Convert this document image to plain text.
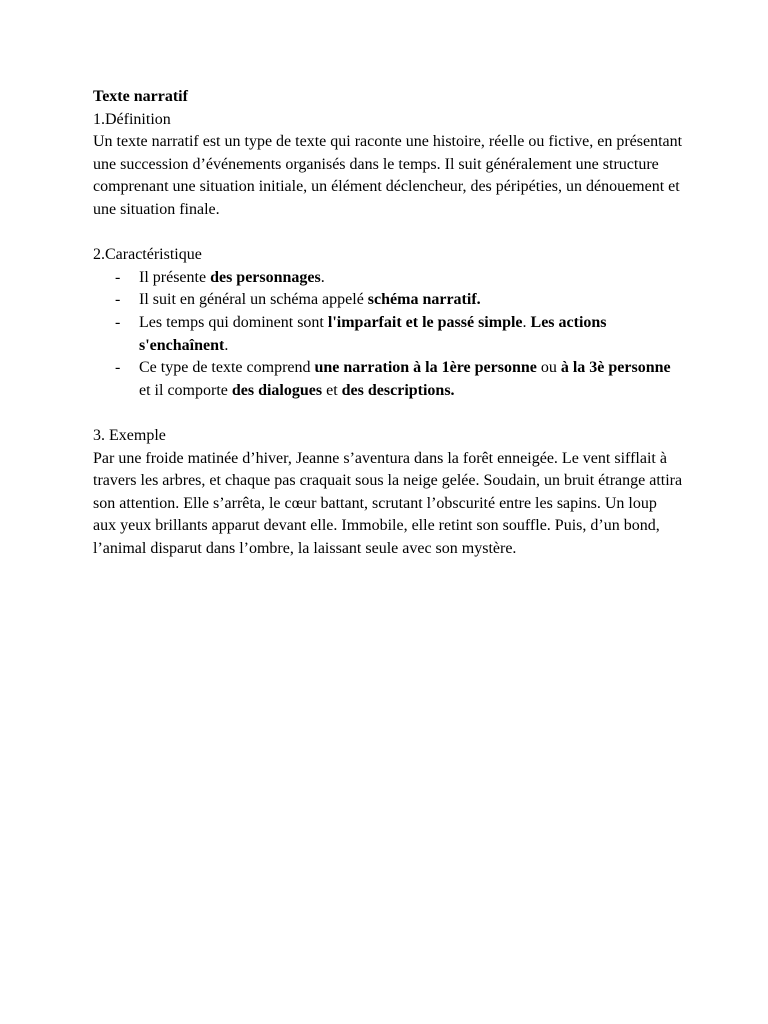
Texte narratif

1.Définition

Un texte narratif est un type de texte qui raconte une histoire, réelle ou fictive, en présentant une succession d’événements organisés dans le temps. Il suit généralement une structure comprenant une situation initiale, un élément déclencheur, des péripéties, un dénouement et une situation finale.

2.Caractéristique

- Il présente des personnages.
- Il suit en général un schéma appelé schéma narratif.
- Les temps qui dominent sont l'imparfait et le passé simple. Les actions s'enchaînent.
- Ce type de texte comprend une narration à la 1ère personne ou à la 3è personne et il comporte des dialogues et des descriptions.

3. Exemple

Par une froide matinée d’hiver, Jeanne s’aventura dans la forêt enneigée. Le vent sifflait à travers les arbres, et chaque pas craquait sous la neige gelée. Soudain, un bruit étrange attira son attention. Elle s’arrêta, le cœur battant, scrutant l’obscurité entre les sapins. Un loup aux yeux brillants apparut devant elle. Immobile, elle retint son souffle. Puis, d’un bond, l’animal disparut dans l’ombre, la laissant seule avec son mystère.
